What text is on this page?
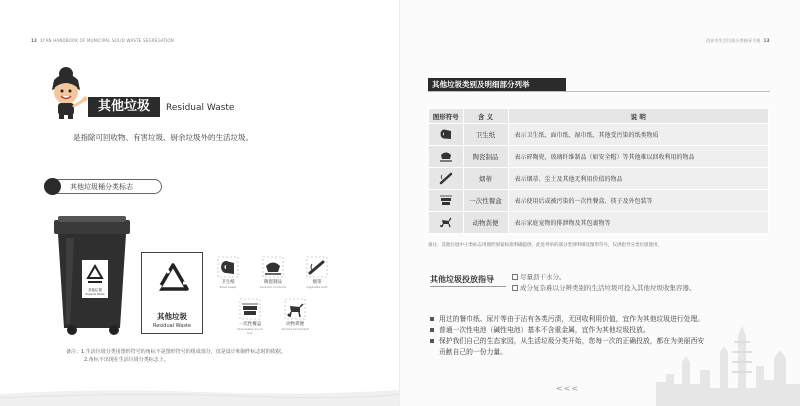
12 XI'AN HANDBOOK OF MUNICIPAL SOLID WASTE SEGREGATION
其他垃圾	Residual Waste
是指除可回收物、有害垃圾、厨余垃圾外的生活垃圾。
其他垃圾桶分类标志
其他垃圾
Residual Waste
其他垃圾
Residual Waste
卫生纸
Toilet paper
陶瓷制品
Ceramic products
烟蒂
Cigarette butt
一次性餐盒
Disposable lunch box
动物粪便
Animal excrement
备注：1.生活垃圾分类用图形符号的角标不是图形符号的组成部分，仅是设计和制作标志时的依据。
2.角标不出现在生活垃圾分类标志上。
西安市生活垃圾分类指导手册 13
其他垃圾类别及明细部分列举
图形符号	含 义	说 明
	卫生纸	表示卫生纸、面巾纸、湿巾纸、其他受污染的纸类物质
	陶瓷制品	表示碎陶瓷、玻璃纤维制品（如安全帽）等其他难以回收利用的物品
	烟蒂	表示烟蒂、尘土及其他无利用价值的物品
	一次性餐盒	表示使用后或被污染的一次性餐盒、筷子及外包装等
	动物粪便	表示家庭宠物的排泄物及其包裹物等
备注：其他垃圾中小类标志用图形国家标准明确提供，此处列举的部分类别明细及图形符号，仅供指导分类垃圾使用。
其他垃圾投放指导	尽量沥干水分。
成分复杂难以分辨类别的生活垃圾可投入其他垃圾收集容器。
用过的餐巾纸、尿片等由于沾有各类污渍，无回收利用价值，宜作为其他垃圾进行处理。
普通一次性电池（碱性电池）基本不含重金属，宜作为其他垃圾投放。
保护我们自己的生态家园，从生活垃圾分类开始，您每一次的正确投放，都在为美丽西安
贡献自己的一份力量。
<<<
